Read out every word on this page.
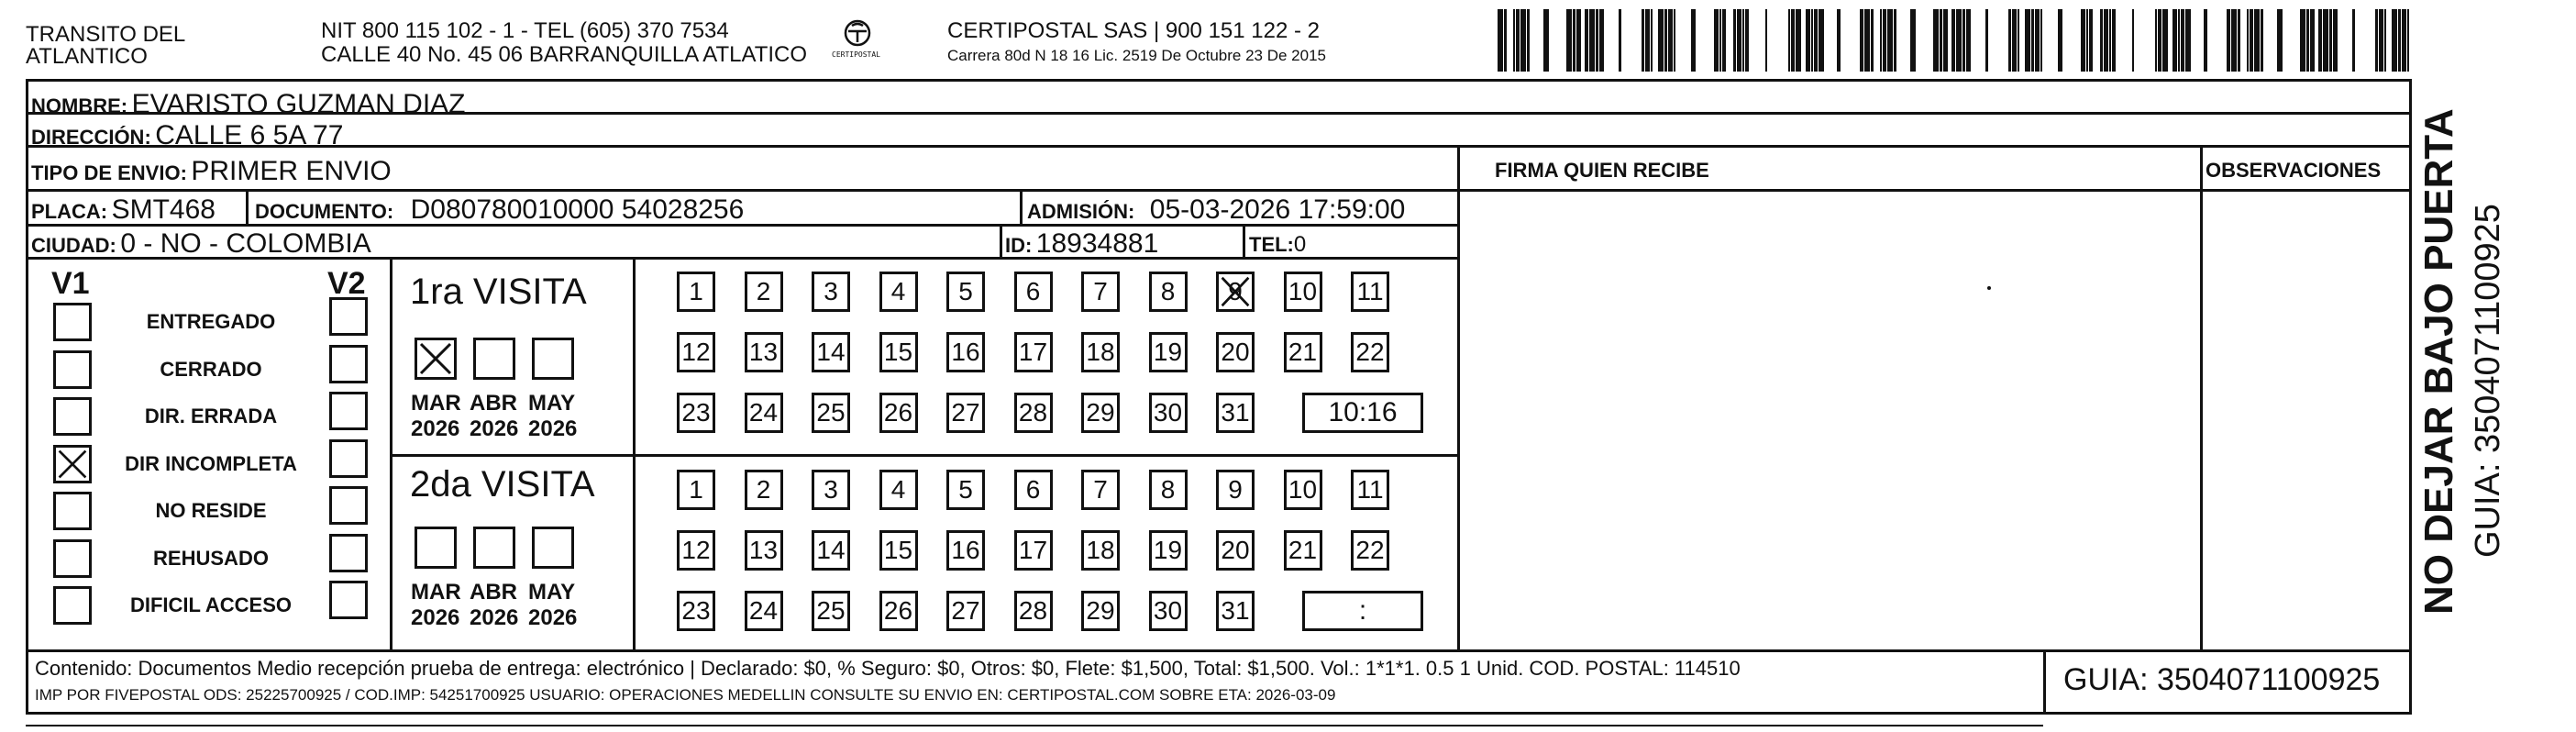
TRANSITO DEL
ATLANTICO
NIT 800 115 102 - 1 - TEL (605) 370 7534
CALLE 40 No. 45 06 BARRANQUILLA ATLATICO	CERTIPOSTAL
CERTIPOSTAL SAS | 900 151 122 - 2
Carrera 80d N 18 16 Lic. 2519 De Octubre 23 De 2015
NOMBRE: EVARISTO GUZMAN DIAZ
DIRECCIÓN: CALLE 6 5A 77
TIPO DE ENVIO: PRIMER ENVIO	FIRMA QUIEN RECIBE	OBSERVACIONES
PLACA: SMT468 DOCUMENTO: D080780010000 54028256	ADMISIÓN: 05-03-2026 17:59:00
CIUDAD: 0 - NO - COLOMBIA	ID: 18934881	TEL:0
V1	V2
ENTREGADO
CERRADO
DIR. ERRADA
DIR INCOMPLETA
NO RESIDE
REHUSADO
DIFICIL ACCESO
1ra VISITA
MAR
2026
ABR
2026
MAY
2026
1 2 3 4 5 6 7 8 9 10 11
12 13 14 15 16 17 18 19 20 21 22
23 24 25 26 27 28 29 30 31	10:16
2da VISITA
MAR
2026
ABR
2026
MAY
2026
1 2 3 4 5 6 7 8 9 10 11
12 13 14 15 16 17 18 19 20 21 22
23 24 25 26 27 28 29 30 31	:
Contenido: Documentos Medio recepción prueba de entrega: electrónico | Declarado: $0, % Seguro: $0, Otros: $0, Flete: $1,500, Total: $1,500. Vol.: 1*1*1. 0.5 1 Unid. COD. POSTAL: 114510
IMP POR FIVEPOSTAL ODS: 25225700925 / COD.IMP: 54251700925 USUARIO: OPERACIONES MEDELLIN CONSULTE SU ENVIO EN: CERTIPOSTAL.COM SOBRE ETA: 2026-03-09	GUIA: 3504071100925
NO DEJAR BAJO PUERTA GUIA: 3504071100925
